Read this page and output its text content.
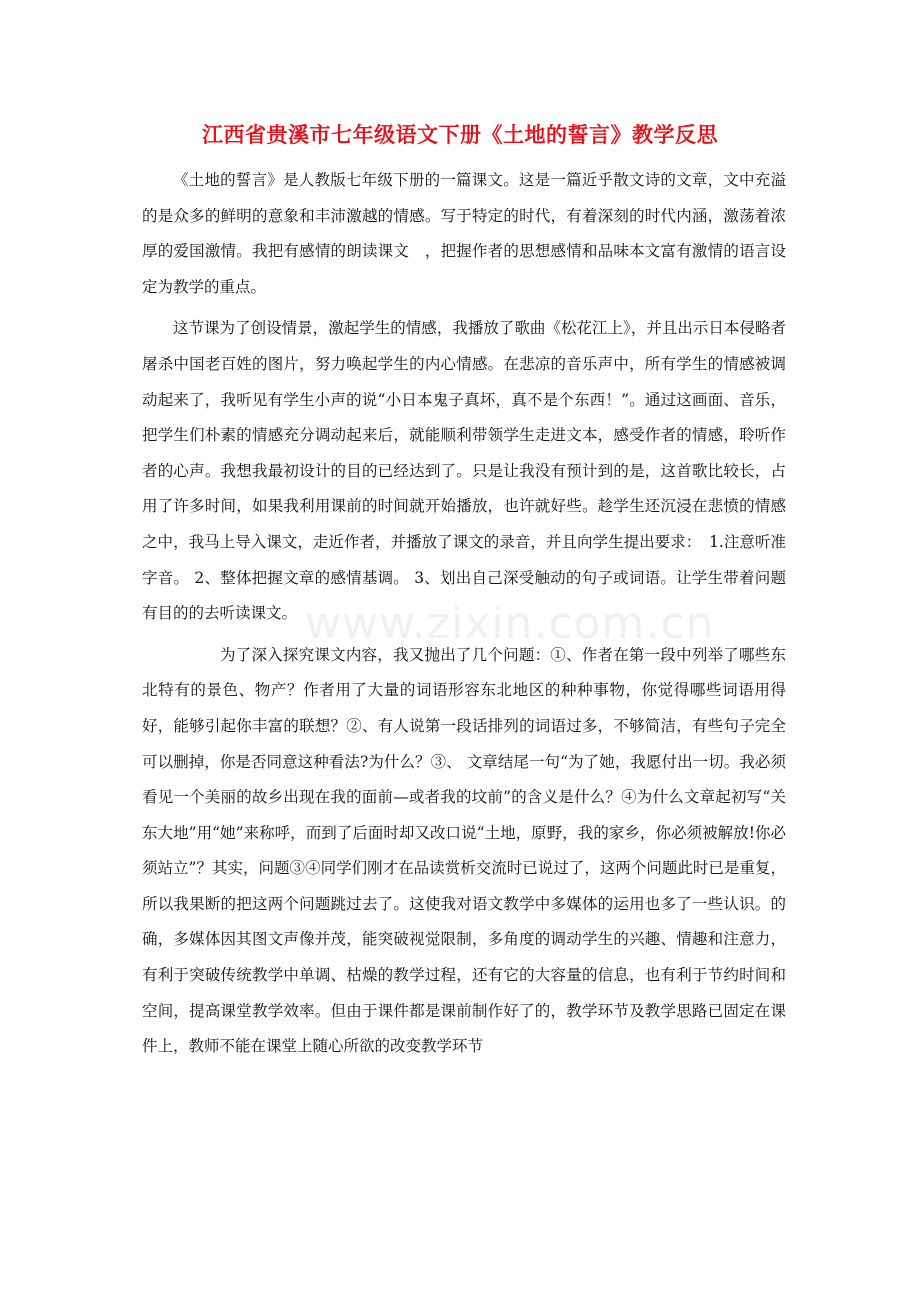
江西省贵溪市七年级语文下册《土地的誓言》教学反思

《土地的誓言》是人教版七年级下册的一篇课文。这是一篇近乎散文诗的文章，文中充溢的是众多的鲜明的意象和丰沛激越的情感。写于特定的时代，有着深刻的时代内涵，激荡着浓厚的爱国激情。我把有感情的朗读课文　，把握作者的思想感情和品味本文富有激情的语言设定为教学的重点。

这节课为了创设情景，激起学生的情感，我播放了歌曲《松花江上》，并且出示日本侵略者屠杀中国老百姓的图片，努力唤起学生的内心情感。在悲凉的音乐声中，所有学生的情感被调动起来了，我听见有学生小声的说“小日本鬼子真坏，真不是个东西！”。通过这画面、音乐，把学生们朴素的情感充分调动起来后，就能顺利带领学生走进文本，感受作者的情感，聆听作者的心声。我想我最初设计的目的已经达到了。只是让我没有预计到的是，这首歌比较长，占用了许多时间，如果我利用课前的时间就开始播放，也许就好些。趁学生还沉浸在悲愤的情感之中，我马上导入课文，走近作者，并播放了课文的录音，并且向学生提出要求：　1.注意听准字音。 2、整体把握文章的感情基调。 3、划出自己深受触动的句子或词语。让学生带着问题有目的的去听读课文。

为了深入探究课文内容，我又抛出了几个问题：①、作者在第一段中列举了哪些东北特有的景色、物产？作者用了大量的词语形容东北地区的种种事物，你觉得哪些词语用得好，能够引起你丰富的联想？②、有人说第一段话排列的词语过多，不够简洁，有些句子完全可以删掉，你是否同意这种看法?为什么？③、 文章结尾一句“为了她，我愿付出一切。我必须看见一个美丽的故乡出现在我的面前—或者我的坟前”的含义是什么？④为什么文章起初写“关东大地”用“她”来称呼，而到了后面时却又改口说“土地，原野，我的家乡，你必须被解放!你必须站立”？其实，问题③④同学们刚才在品读赏析交流时已说过了，这两个问题此时已是重复，所以我果断的把这两个问题跳过去了。这使我对语文教学中多媒体的运用也多了一些认识。的确，多媒体因其图文声像并茂，能突破视觉限制，多角度的调动学生的兴趣、情趣和注意力，有利于突破传统教学中单调、枯燥的教学过程，还有它的大容量的信息，也有利于节约时间和空间，提高课堂教学效率。但由于课件都是课前制作好了的，教学环节及教学思路已固定在课件上，教师不能在课堂上随心所欲的改变教学环节

www.zixin.com.cn
